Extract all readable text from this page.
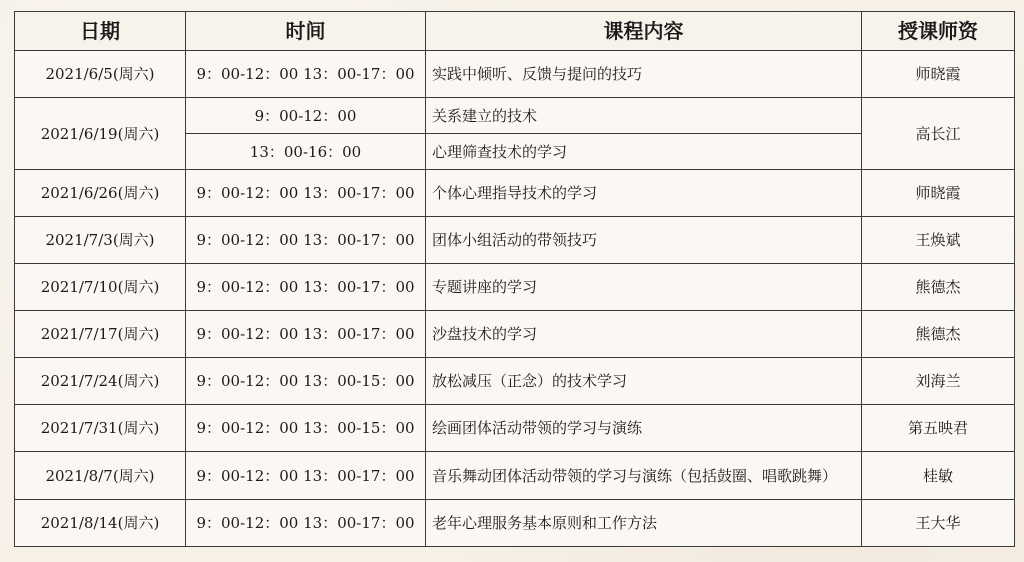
日期	时间	课程内容	授课师资
2021/6/5(周六)	9：00-12：00 13：00-17：00	实践中倾听、反馈与提问的技巧	师晓霞
2021/6/19(周六)	9：00-12：00	关系建立的技术	高长江
	13：00-16：00	心理筛查技术的学习	
2021/6/26(周六)	9：00-12：00 13：00-17：00	个体心理指导技术的学习	师晓霞
2021/7/3(周六)	9：00-12：00 13：00-17：00	团体小组活动的带领技巧	王焕斌
2021/7/10(周六)	9：00-12：00 13：00-17：00	专题讲座的学习	熊德杰
2021/7/17(周六)	9：00-12：00 13：00-17：00	沙盘技术的学习	熊德杰
2021/7/24(周六)	9：00-12：00 13：00-15：00	放松减压（正念）的技术学习	刘海兰
2021/7/31(周六)	9：00-12：00 13：00-15：00	绘画团体活动带领的学习与演练	第五映君
2021/8/7(周六)	9：00-12：00 13：00-17：00	音乐舞动团体活动带领的学习与演练（包括鼓圈、唱歌跳舞）	桂敏
2021/8/14(周六)	9：00-12：00 13：00-17：00	老年心理服务基本原则和工作方法	王大华
